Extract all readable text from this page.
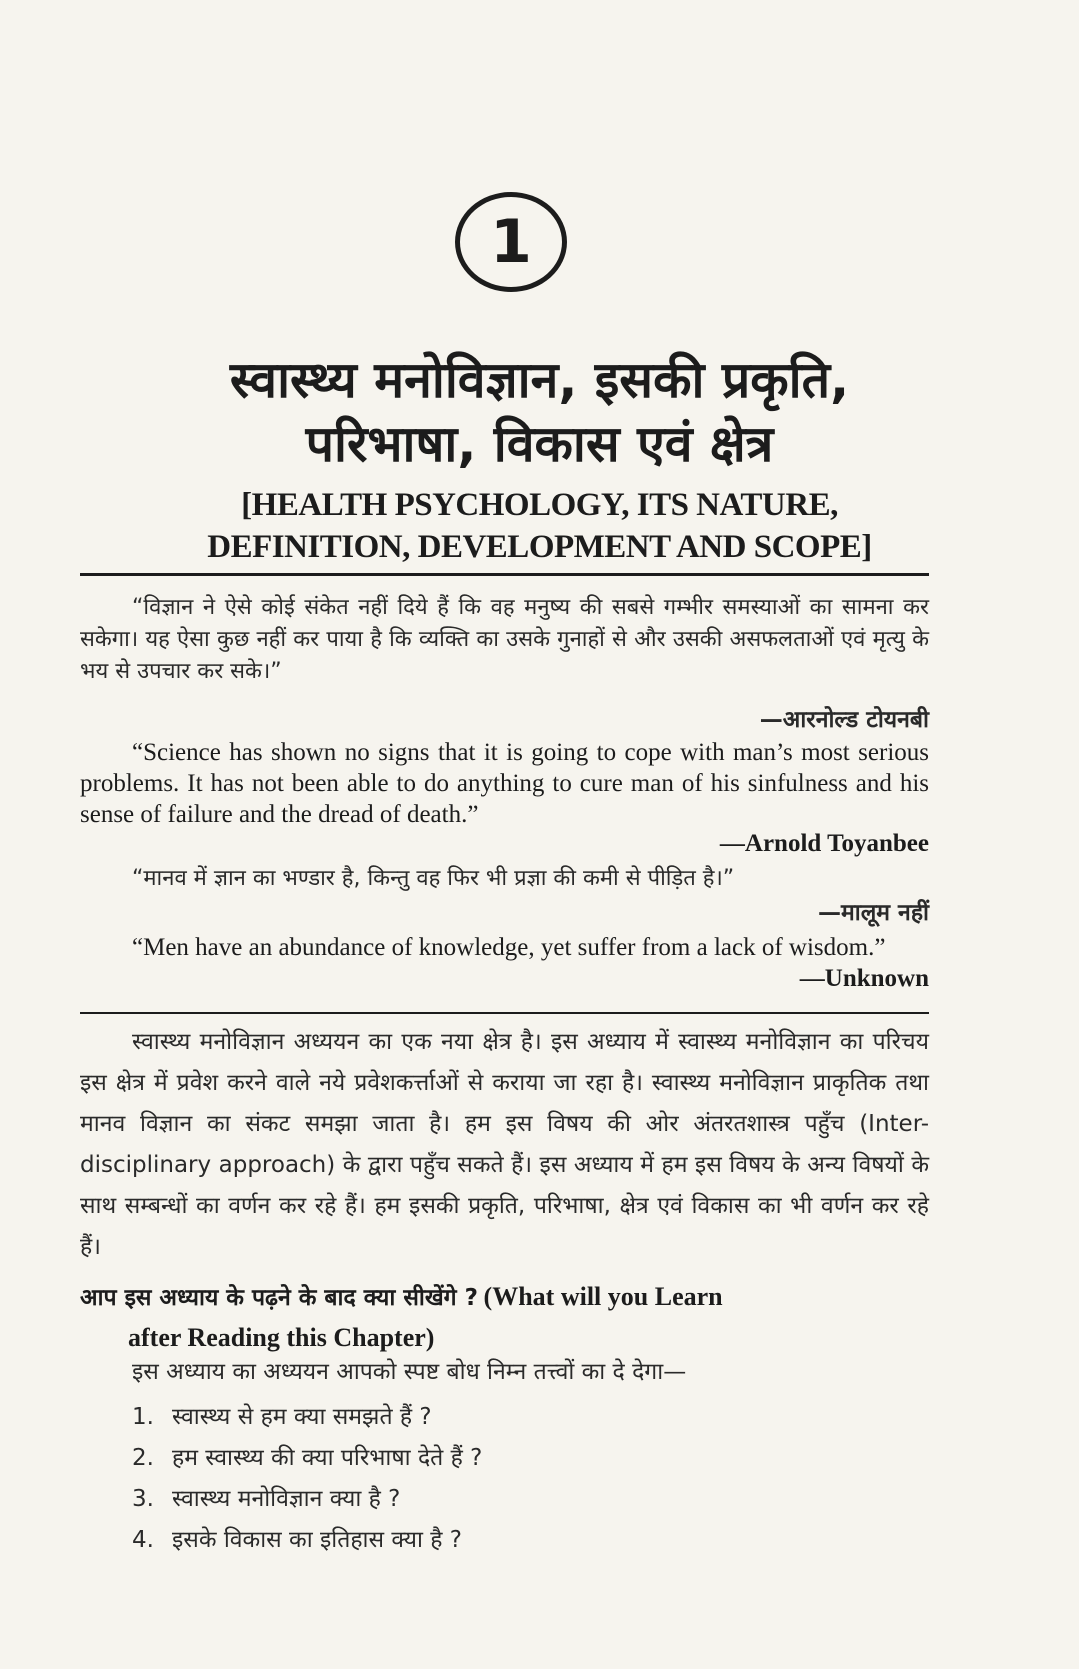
1
स्वास्थ्य मनोविज्ञान, इसकी प्रकृति,
परिभाषा, विकास एवं क्षेत्र
[HEALTH PSYCHOLOGY, ITS NATURE,
DEFINITION, DEVELOPMENT AND SCOPE]
“विज्ञान ने ऐसे कोई संकेत नहीं दिये हैं कि वह मनुष्य की सबसे गम्भीर समस्याओं का सामना कर सकेगा। यह ऐसा कुछ नहीं कर पाया है कि व्यक्ति का उसके गुनाहों से और उसकी असफलताओं एवं मृत्यु के भय से उपचार कर सके।”
—आरनोल्ड टोयनबी
“Science has shown no signs that it is going to cope with man’s most serious problems. It has not been able to do anything to cure man of his sinfulness and his sense of failure and the dread of death.”
—Arnold Toyanbee
“मानव में ज्ञान का भण्डार है, किन्तु वह फिर भी प्रज्ञा की कमी से पीड़ित है।”
—मालूम नहीं
“Men have an abundance of knowledge, yet suffer from a lack of wisdom.”
—Unknown
स्वास्थ्य मनोविज्ञान अध्ययन का एक नया क्षेत्र है। इस अध्याय में स्वास्थ्य मनोविज्ञान का परिचय इस क्षेत्र में प्रवेश करने वाले नये प्रवेशकर्त्ताओं से कराया जा रहा है। स्वास्थ्य मनोविज्ञान प्राकृतिक तथा मानव विज्ञान का संकट समझा जाता है। हम इस विषय की ओर अंतरतशास्त्र पहुँच (Inter-disciplinary approach) के द्वारा पहुँच सकते हैं। इस अध्याय में हम इस विषय के अन्य विषयों के साथ सम्बन्धों का वर्णन कर रहे हैं। हम इसकी प्रकृति, परिभाषा, क्षेत्र एवं विकास का भी वर्णन कर रहे हैं।
आप इस अध्याय के पढ़ने के बाद क्या सीखेंगे ? (What will you Learn
after Reading this Chapter)
इस अध्याय का अध्ययन आपको स्पष्ट बोध निम्न तत्त्वों का दे देगा—
1. स्वास्थ्य से हम क्या समझते हैं ?
2. हम स्वास्थ्य की क्या परिभाषा देते हैं ?
3. स्वास्थ्य मनोविज्ञान क्या है ?
4. इसके विकास का इतिहास क्या है ?
